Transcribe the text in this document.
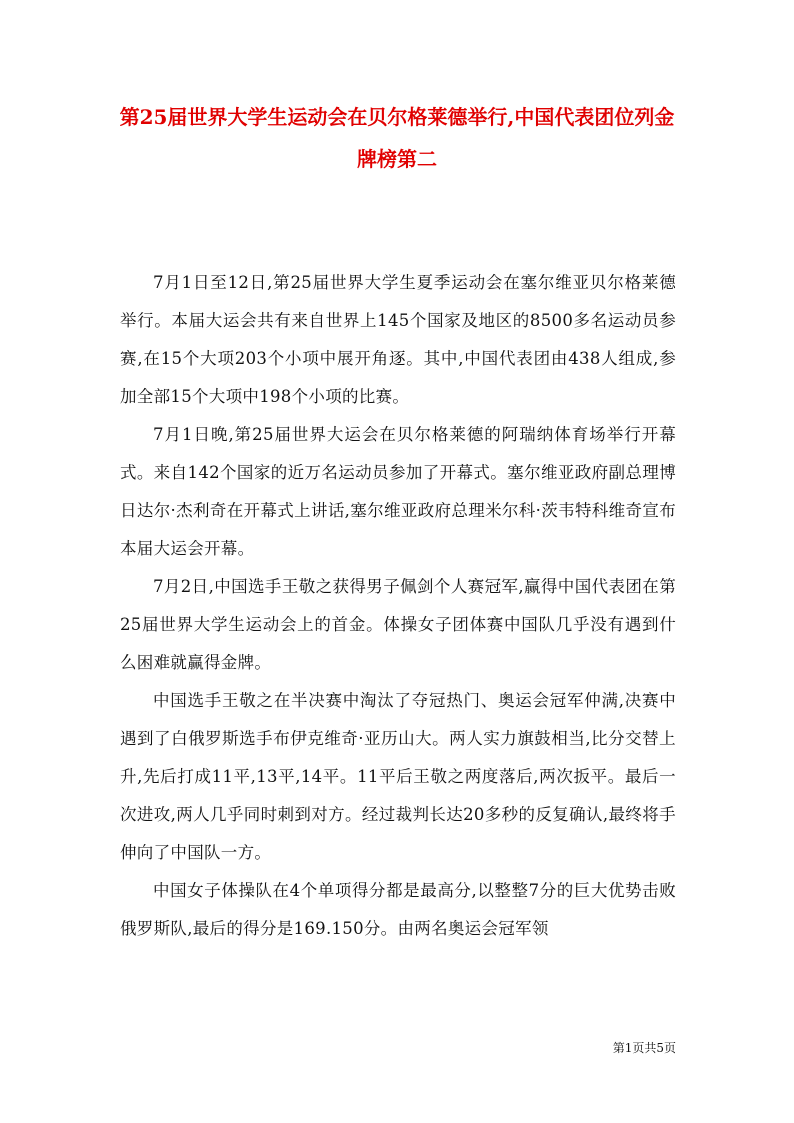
第25届世界大学生运动会在贝尔格莱德举行,中国代表团位列金牌榜第二

7月1日至12日,第25届世界大学生夏季运动会在塞尔维亚贝尔格莱德举行。本届大运会共有来自世界上145个国家及地区的8500多名运动员参赛,在15个大项203个小项中展开角逐。其中,中国代表团由438人组成,参加全部15个大项中198个小项的比赛。

7月1日晚,第25届世界大运会在贝尔格莱德的阿瑞纳体育场举行开幕式。来自142个国家的近万名运动员参加了开幕式。塞尔维亚政府副总理博日达尔·杰利奇在开幕式上讲话,塞尔维亚政府总理米尔科·茨韦特科维奇宣布本届大运会开幕。

7月2日,中国选手王敬之获得男子佩剑个人赛冠军,赢得中国代表团在第25届世界大学生运动会上的首金。体操女子团体赛中国队几乎没有遇到什么困难就赢得金牌。

中国选手王敬之在半决赛中淘汰了夺冠热门、奥运会冠军仲满,决赛中遇到了白俄罗斯选手布伊克维奇·亚历山大。两人实力旗鼓相当,比分交替上升,先后打成11平,13平,14平。11平后王敬之两度落后,两次扳平。最后一次进攻,两人几乎同时刺到对方。经过裁判长达20多秒的反复确认,最终将手伸向了中国队一方。

中国女子体操队在4个单项得分都是最高分,以整整7分的巨大优势击败俄罗斯队,最后的得分是169.150分。由两名奥运会冠军领

第1页共5页
